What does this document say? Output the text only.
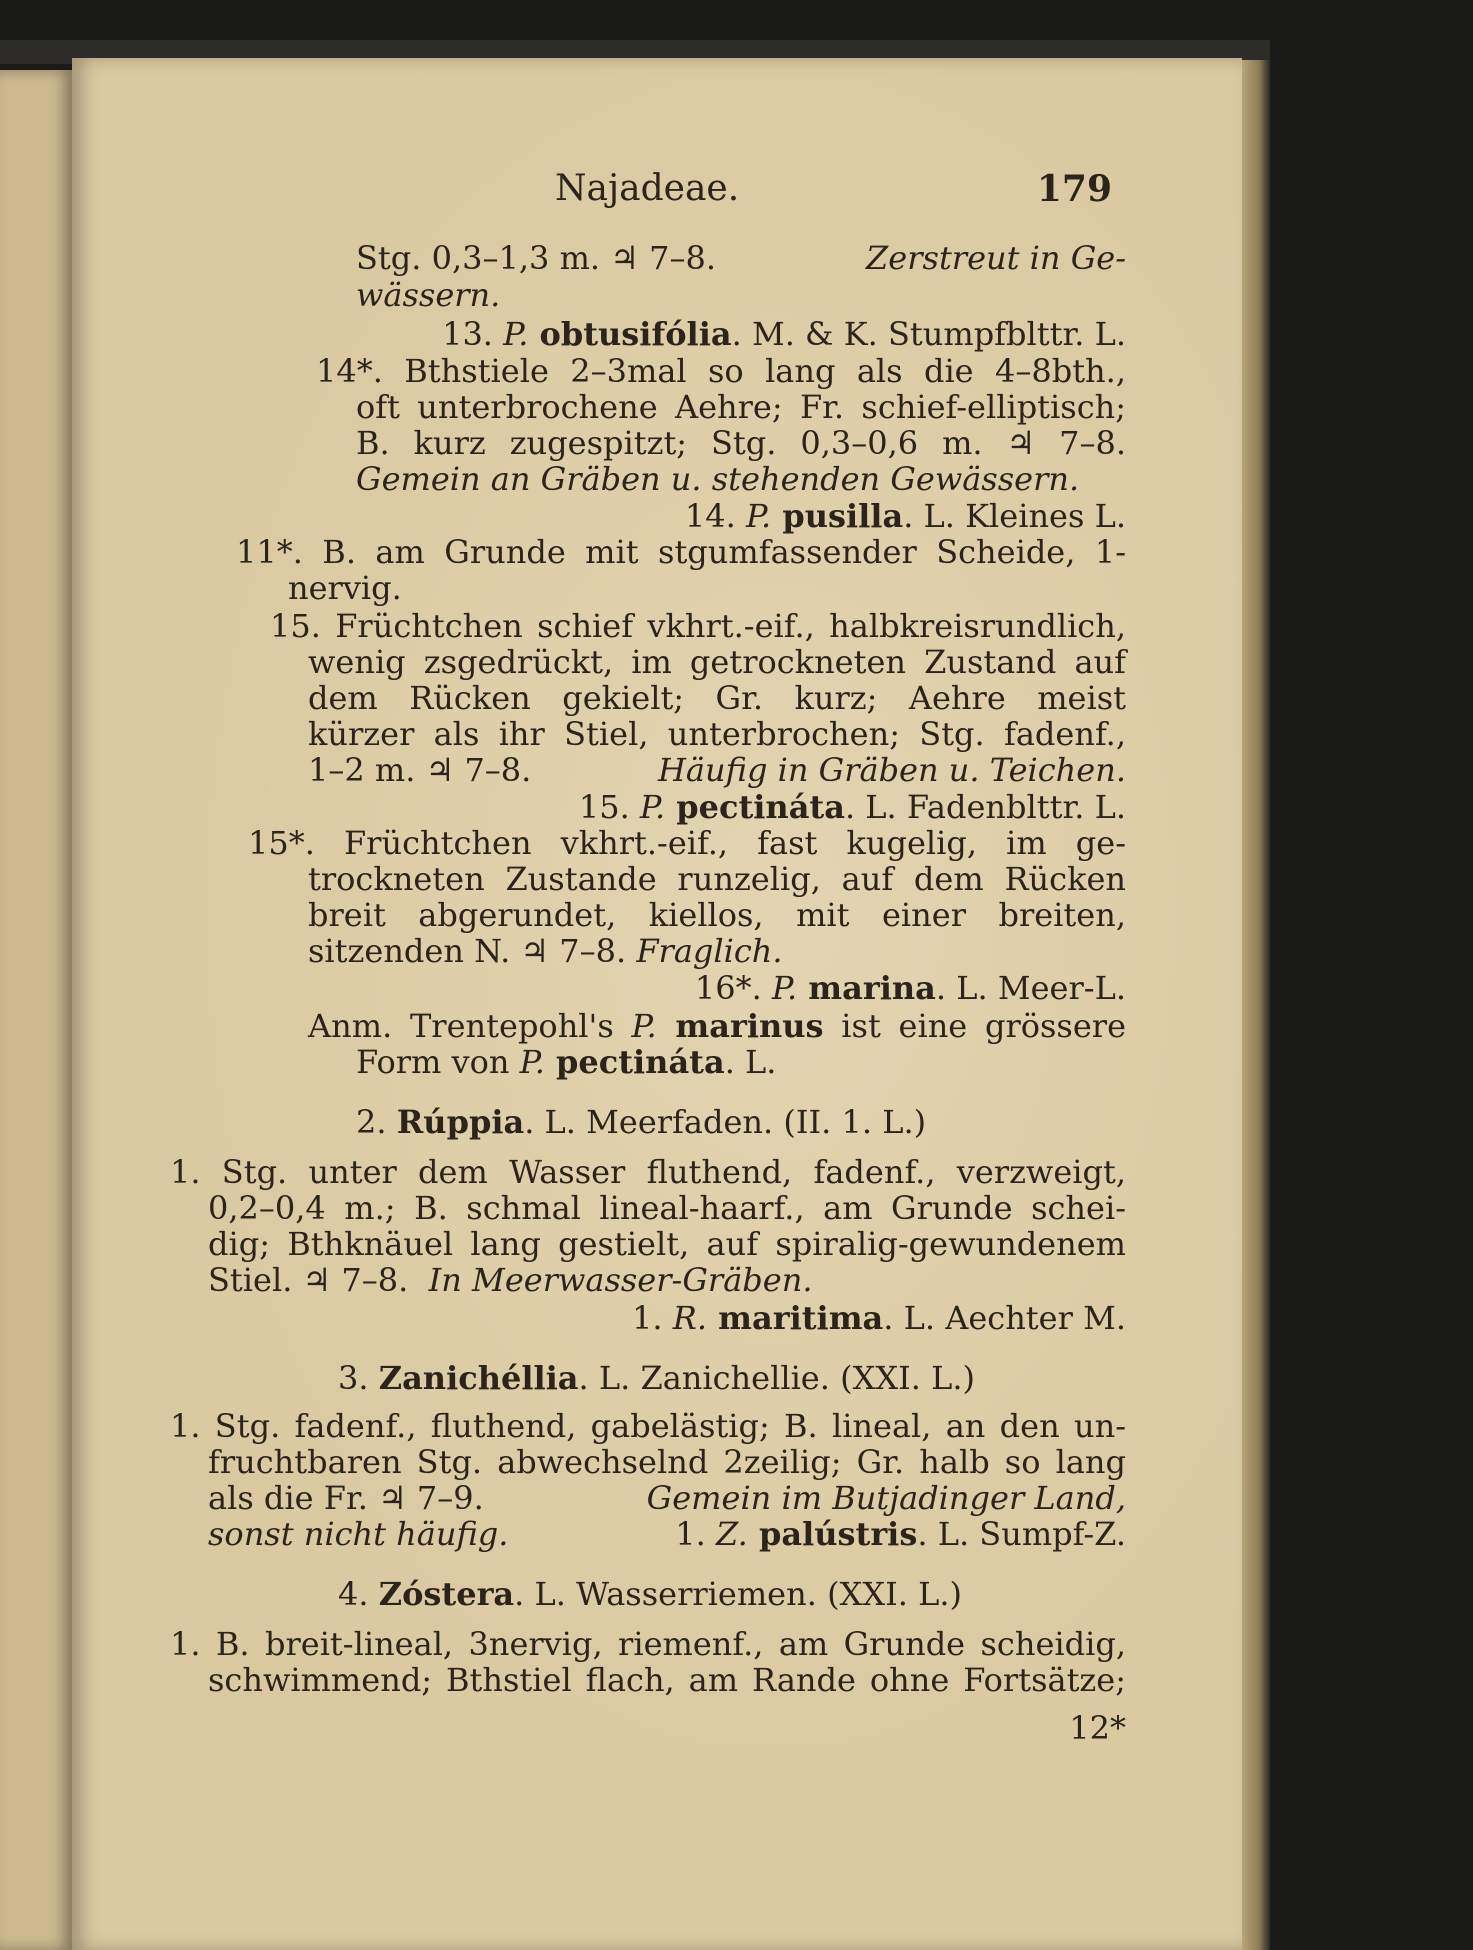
Najadeae.	179
Stg. 0,3–1,3 m. ♃ 7–8.	Zerstreut in Ge-
wässern.
13. P. obtusifólia. M. & K. Stumpfblttr. L.
14*. Bthstiele 2–3mal so lang als die 4–8bth.,
oft unterbrochene Aehre; Fr. schief-elliptisch;
B. kurz zugespitzt; Stg. 0,3–0,6 m. ♃ 7–8.
Gemein an Gräben u. stehenden Gewässern.
14. P. pusilla. L. Kleines L.
11*. B. am Grunde mit stgumfassender Scheide, 1-
nervig.
15. Früchtchen schief vkhrt.-eif., halbkreisrundlich,
wenig zsgedrückt, im getrockneten Zustand auf
dem Rücken gekielt; Gr. kurz; Aehre meist
kürzer als ihr Stiel, unterbrochen; Stg. fadenf.,
1–2 m. ♃ 7–8.	Häufig in Gräben u. Teichen.
15. P. pectináta. L. Fadenblttr. L.
15*. Früchtchen vkhrt.-eif., fast kugelig, im ge-
trockneten Zustande runzelig, auf dem Rücken
breit abgerundet, kiellos, mit einer breiten,
sitzenden N. ♃ 7–8. Fraglich.
16*. P. marina. L. Meer-L.
Anm. Trentepohl's P. marinus ist eine grössere
Form von P. pectináta. L.
2. Rúppia. L. Meerfaden. (II. 1. L.)
1. Stg. unter dem Wasser fluthend, fadenf., verzweigt,
0,2–0,4 m.; B. schmal lineal-haarf., am Grunde schei-
dig; Bthknäuel lang gestielt, auf spiralig-gewundenem
Stiel. ♃ 7–8. In Meerwasser-Gräben.
1. R. maritima. L. Aechter M.
3. Zanichéllia. L. Zanichellie. (XXI. L.)
1. Stg. fadenf., fluthend, gabelästig; B. lineal, an den un-
fruchtbaren Stg. abwechselnd 2zeilig; Gr. halb so lang
als die Fr. ♃ 7–9.	Gemein im Butjadinger Land,
sonst nicht häufig.	1. Z. palústris. L. Sumpf-Z.
4. Zóstera. L. Wasserriemen. (XXI. L.)
1. B. breit-lineal, 3nervig, riemenf., am Grunde scheidig,
schwimmend; Bthstiel flach, am Rande ohne Fortsätze;
12*
